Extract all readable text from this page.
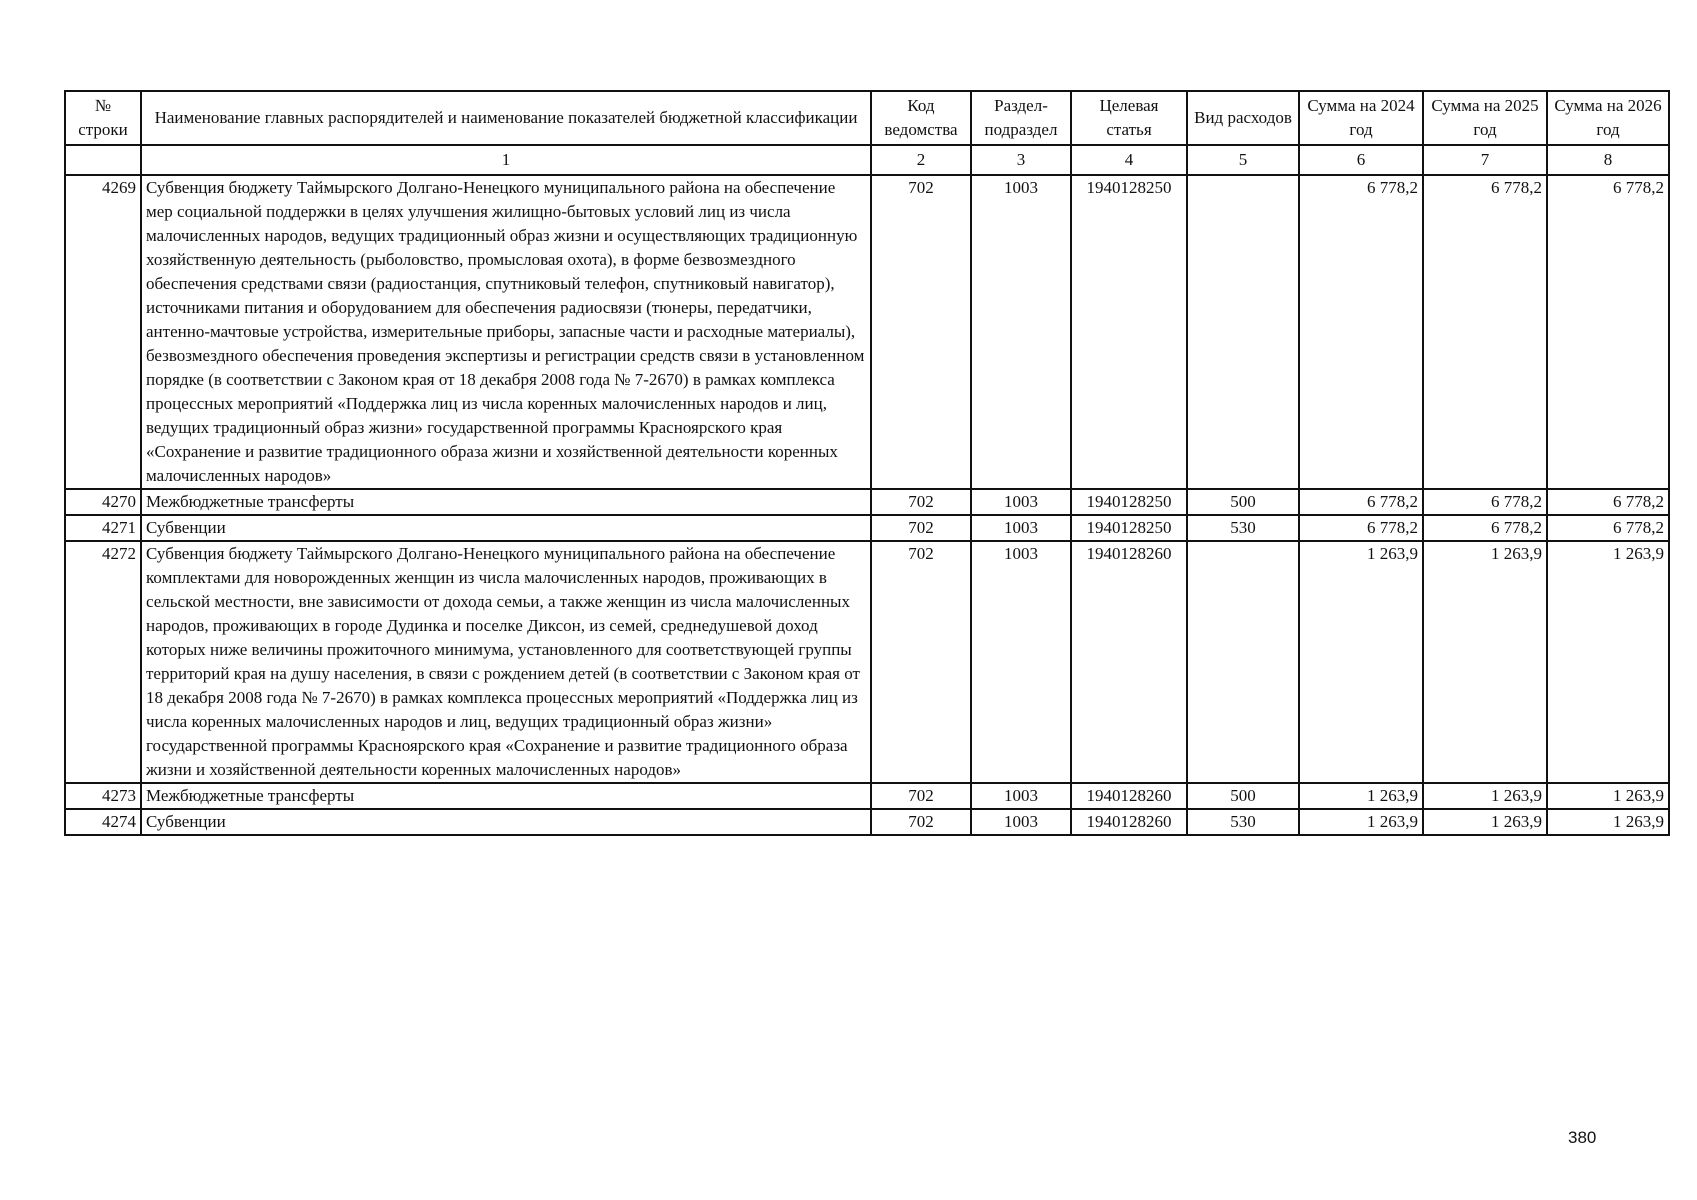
№ строки	Наименование главных распорядителей и наименование показателей бюджетной классификации	Код ведомства	Раздел-подраздел	Целевая статья	Вид расходов	Сумма на 2024 год	Сумма на 2025 год	Сумма на 2026 год
	1	2	3	4	5	6	7	8
4269	Субвенция бюджету Таймырского Долгано-Ненецкого муниципального района на обеспечение мер социальной поддержки в целях улучшения жилищно-бытовых условий лиц из числа малочисленных народов, ведущих традиционный образ жизни и осуществляющих традиционную хозяйственную деятельность (рыболовство, промысловая охота), в форме безвозмездного обеспечения средствами связи (радиостанция, спутниковый телефон, спутниковый навигатор), источниками питания и оборудованием для обеспечения радиосвязи (тюнеры, передатчики, антенно-мачтовые устройства, измерительные приборы, запасные части и расходные материалы), безвозмездного обеспечения проведения экспертизы и регистрации средств связи в установленном порядке (в соответствии с Законом края от 18 декабря 2008 года № 7-2670) в рамках комплекса процессных мероприятий «Поддержка лиц из числа коренных малочисленных народов и лиц, ведущих традиционный образ жизни» государственной программы Красноярского края «Сохранение и развитие традиционного образа жизни и хозяйственной деятельности коренных малочисленных народов»	702	1003	1940128250		6 778,2	6 778,2	6 778,2
4270	Межбюджетные трансферты	702	1003	1940128250	500	6 778,2	6 778,2	6 778,2
4271	Субвенции	702	1003	1940128250	530	6 778,2	6 778,2	6 778,2
4272	Субвенция бюджету Таймырского Долгано-Ненецкого муниципального района на обеспечение комплектами для новорожденных женщин из числа малочисленных народов, проживающих в сельской местности, вне зависимости от дохода семьи, а также женщин из числа малочисленных народов, проживающих в городе Дудинка и поселке Диксон, из семей, среднедушевой доход которых ниже величины прожиточного минимума, установленного для соответствующей группы территорий края на душу населения, в связи с рождением детей (в соответствии с Законом края от 18 декабря 2008 года № 7-2670) в рамках комплекса процессных мероприятий «Поддержка лиц из числа коренных малочисленных народов и лиц, ведущих традиционный образ жизни» государственной программы Красноярского края «Сохранение и развитие традиционного образа жизни и хозяйственной деятельности коренных малочисленных народов»	702	1003	1940128260		1 263,9	1 263,9	1 263,9
4273	Межбюджетные трансферты	702	1003	1940128260	500	1 263,9	1 263,9	1 263,9
4274	Субвенции	702	1003	1940128260	530	1 263,9	1 263,9	1 263,9
380
